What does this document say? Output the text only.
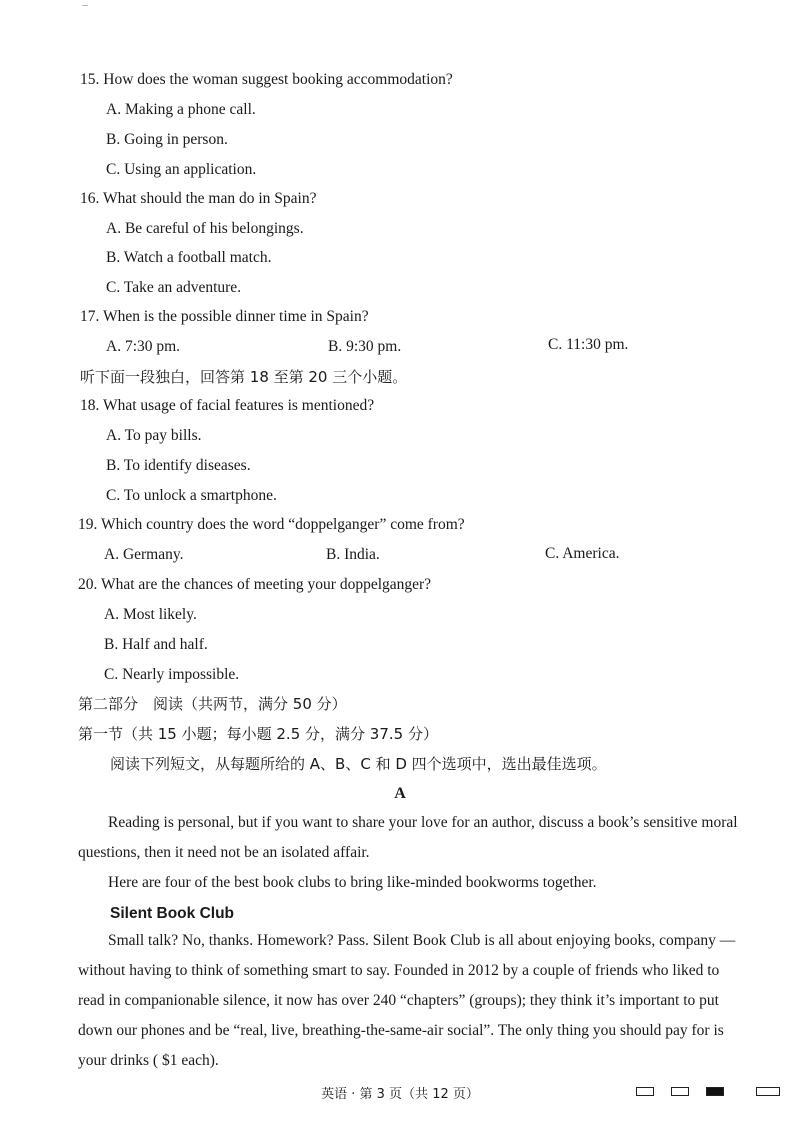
15. How does the woman suggest booking accommodation?
A. Making a phone call.
B. Going in person.
C. Using an application.
16. What should the man do in Spain?
A. Be careful of his belongings.
B. Watch a football match.
C. Take an adventure.
17. When is the possible dinner time in Spain?
A. 7:30 pm.	B. 9:30 pm.	C. 11:30 pm.
听下面一段独白，回答第 18 至第 20 三个小题。
18. What usage of facial features is mentioned?
A. To pay bills.
B. To identify diseases.
C. To unlock a smartphone.
19. Which country does the word “doppelganger” come from?
A. Germany.	B. India.	C. America.
20. What are the chances of meeting your doppelganger?
A. Most likely.
B. Half and half.
C. Nearly impossible.
第二部分　阅读（共两节，满分 50 分）
第一节（共 15 小题；每小题 2.5 分，满分 37.5 分）
阅读下列短文，从每题所给的 A、B、C 和 D 四个选项中，选出最佳选项。
A
Reading is personal, but if you want to share your love for an author, discuss a book’s sensitive moral questions, then it need not be an isolated affair.
Here are four of the best book clubs to bring like-minded bookworms together.
Silent Book Club
Small talk? No, thanks. Homework? Pass. Silent Book Club is all about enjoying books, company — without having to think of something smart to say. Founded in 2012 by a couple of friends who liked to read in companionable silence, it now has over 240 “chapters” (groups); they think it’s important to put down our phones and be “real, live, breathing-the-same-air social”. The only thing you should pay for is your drinks ( $1 each).
英语 · 第 3 页（共 12 页）
